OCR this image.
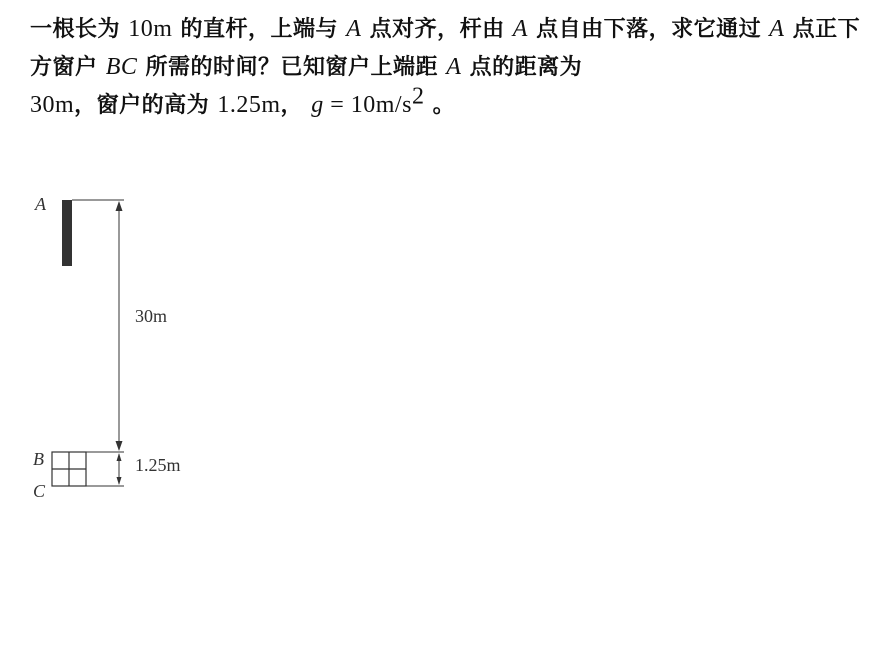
一根长为 10m 的直杆，上端与 A 点对齐，杆由 A 点自由下落，求它通过 A 点正下方窗户 BC 所需的时间？已知窗户上端距 A 点的距离为
30m，窗户的高为 1.25m， $g = 10m/s^2$ 。

A
30m
1.25m
B
C
